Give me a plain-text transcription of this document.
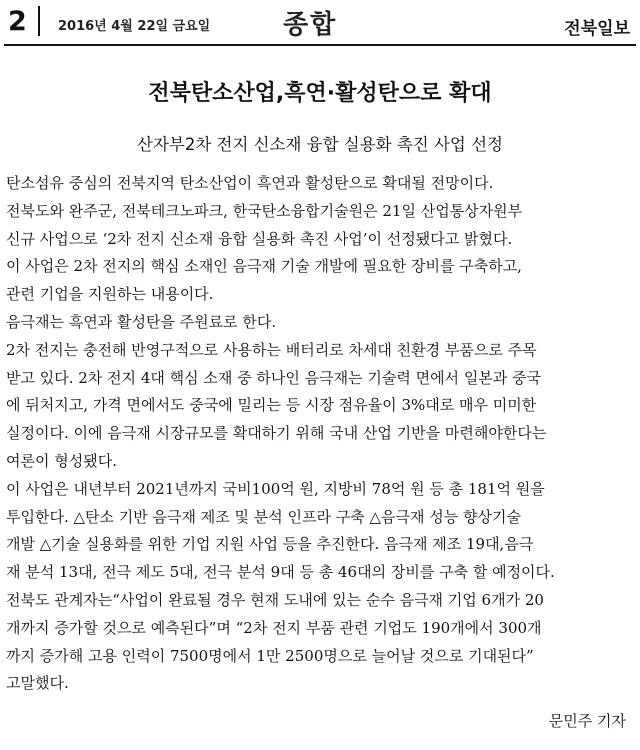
2 2016년 4월 22일 금요일	종합	전북일보
전북탄소산업,흑연·활성탄으로 확대
산자부2차 전지 신소재 융합 실용화 촉진 사업 선정
탄소섬유 중심의 전북지역 탄소산업이 흑연과 활성탄으로 확대될 전망이다.
전북도와 완주군, 전북테크노파크, 한국탄소융합기술원은 21일 산업통상자원부
신규 사업으로 ‘2차 전지 신소재 융합 실용화 촉진 사업’이 선정됐다고 밝혔다.
이 사업은 2차 전지의 핵심 소재인 음극재 기술 개발에 필요한 장비를 구축하고,
관련 기업을 지원하는 내용이다.
음극재는 흑연과 활성탄을 주원료로 한다.
2차 전지는 충전해 반영구적으로 사용하는 배터리로 차세대 친환경 부품으로 주목
받고 있다. 2차 전지 4대 핵심 소재 중 하나인 음극재는 기술력 면에서 일본과 중국
에 뒤처지고, 가격 면에서도 중국에 밀리는 등 시장 점유율이 3%대로 매우 미미한
실정이다. 이에 음극재 시장규모를 확대하기 위해 국내 산업 기반을 마련해야한다는
여론이 형성됐다.
이 사업은 내년부터 2021년까지 국비100억 원, 지방비 78억 원 등 총 181억 원을
투입한다. △탄소 기반 음극재 제조 및 분석 인프라 구축 △음극재 성능 향상기술
개발 △기술 실용화를 위한 기업 지원 사업 등을 추진한다. 음극재 제조 19대,음극
재 분석 13대, 전극 제도 5대, 전극 분석 9대 등 총 46대의 장비를 구축 할 예정이다.
전북도 관계자는“사업이 완료될 경우 현재 도내에 있는 순수 음극재 기업 6개가 20
개까지 증가할 것으로 예측된다”며 “2차 전지 부품 관련 기업도 190개에서 300개
까지 증가해 고용 인력이 7500명에서 1만 2500명으로 늘어날 것으로 기대된다”
고말했다.
문민주 기자
